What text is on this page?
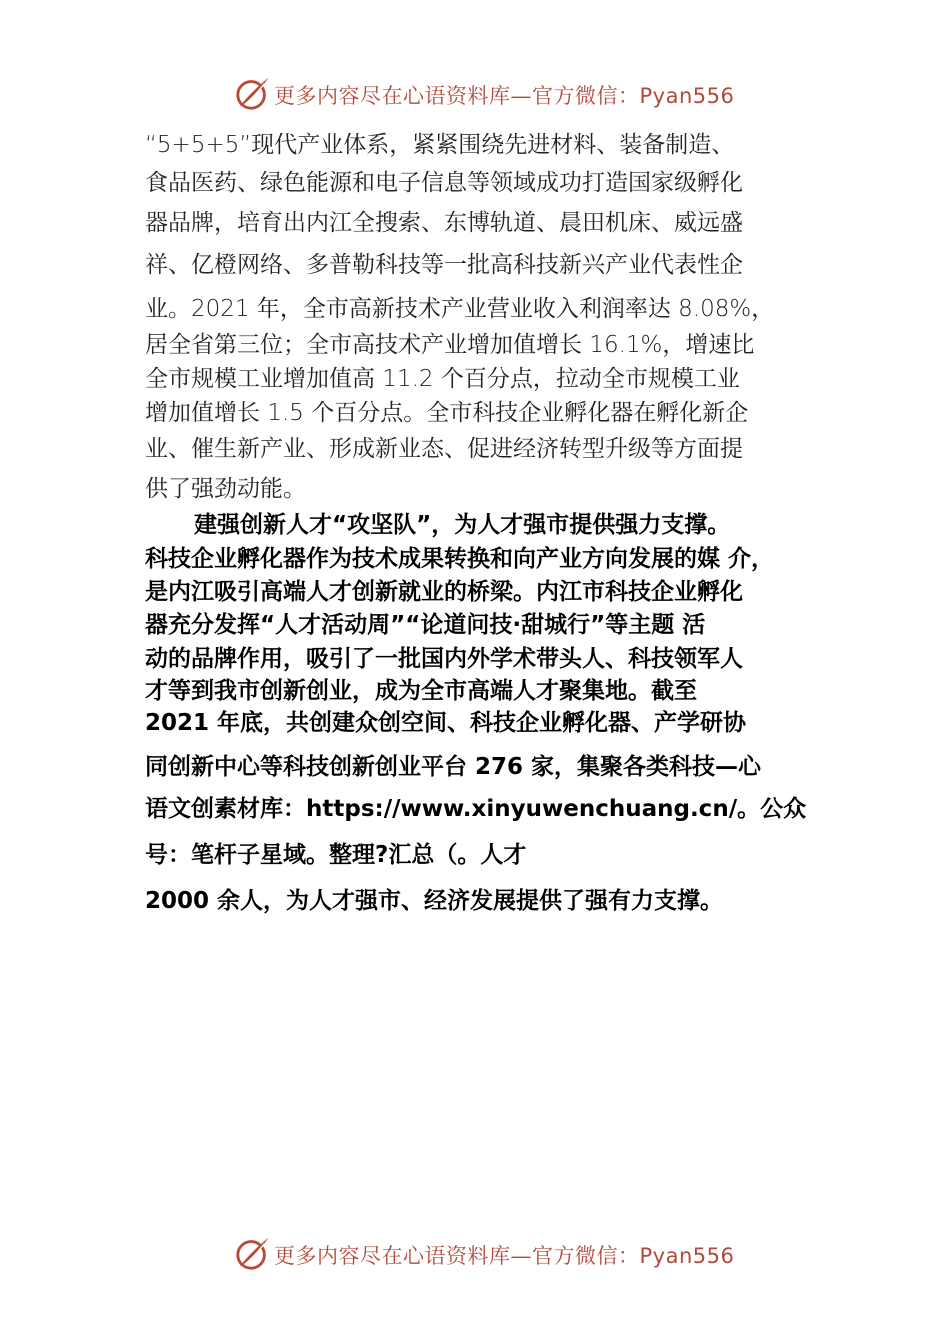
更多内容尽在心语资料库—官方微信：Pyan556
“5+5+5”现代产业体系，紧紧围绕先进材料、装备制造、
食品医药、绿色能源和电子信息等领域成功打造国家级孵化
器品牌，培育出内江全搜索、东博轨道、晨田机床、威远盛
祥、亿橙网络、多普勒科技等一批高科技新兴产业代表性企
业。2021 年，全市高新技术产业营业收入利润率达 8.08%，
居全省第三位；全市高技术产业增加值增长 16.1%，增速比
全市规模工业增加值高 11.2 个百分点，拉动全市规模工业
增加值增长 1.5 个百分点。全市科技企业孵化器在孵化新企
业、催生新产业、形成新业态、促进经济转型升级等方面提
供了强劲动能。
建强创新人才“攻坚队”，为人才强市提供强力支撑。
科技企业孵化器作为技术成果转换和向产业方向发展的媒 介，
是内江吸引高端人才创新就业的桥梁。内江市科技企业孵化
器充分发挥“人才活动周”“论道问技·甜城行”等主题 活
动的品牌作用，吸引了一批国内外学术带头人、科技领军人
才等到我市创新创业，成为全市高端人才聚集地。截至
2021 年底，共创建众创空间、科技企业孵化器、产学研协
同创新中心等科技创新创业平台 276 家，集聚各类科技—心
语文创素材库：https://www.xinyuwenchuang.cn/。公众
号：笔杆子星域。整理?汇总（。人才
2000 余人，为人才强市、经济发展提供了强有力支撑。
更多内容尽在心语资料库—官方微信：Pyan556
